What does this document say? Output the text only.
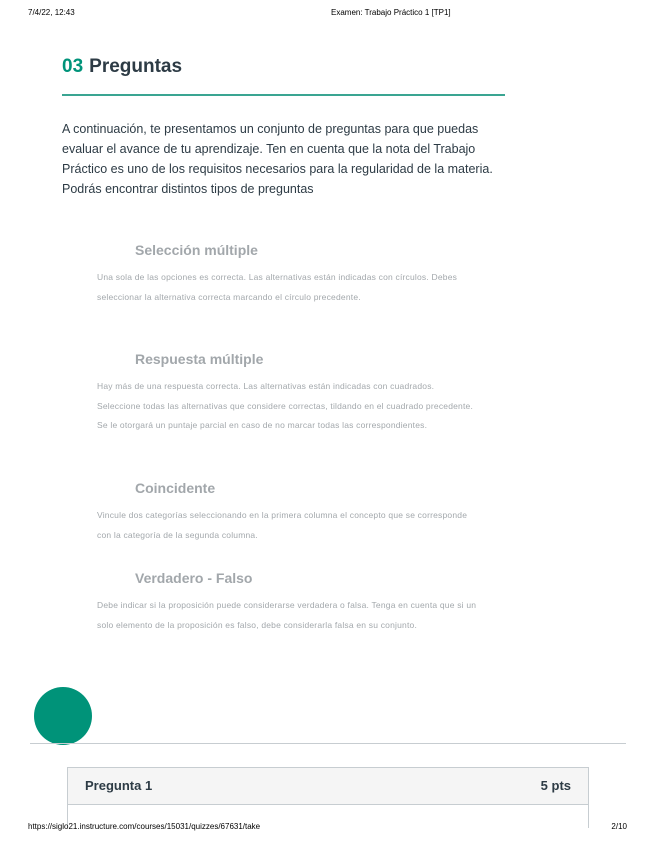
7/4/22, 12:43	Examen: Trabajo Práctico 1 [TP1]
03 Preguntas

A continuación, te presentamos un conjunto de preguntas para que puedas evaluar el avance de tu aprendizaje. Ten en cuenta que la nota del Trabajo Práctico es uno de los requisitos necesarios para la regularidad de la materia. Podrás encontrar distintos tipos de preguntas

Selección múltiple

Una sola de las opciones es correcta. Las alternativas están indicadas con círculos. Debes seleccionar la alternativa correcta marcando el círculo precedente.

Respuesta múltiple

Hay más de una respuesta correcta. Las alternativas están indicadas con cuadrados. Seleccione todas las alternativas que considere correctas, tildando en el cuadrado precedente. Se le otorgará un puntaje parcial en caso de no marcar todas las correspondientes.

Coincidente

Vincule dos categorías seleccionando en la primera columna el concepto que se corresponde con la categoría de la segunda columna.

Verdadero - Falso

Debe indicar si la proposición puede considerarse verdadera o falsa. Tenga en cuenta que si un solo elemento de la proposición es falso, debe considerarla falsa en su conjunto.

Pregunta 1	5 pts
https://siglo21.instructure.com/courses/15031/quizzes/67631/take	2/10
